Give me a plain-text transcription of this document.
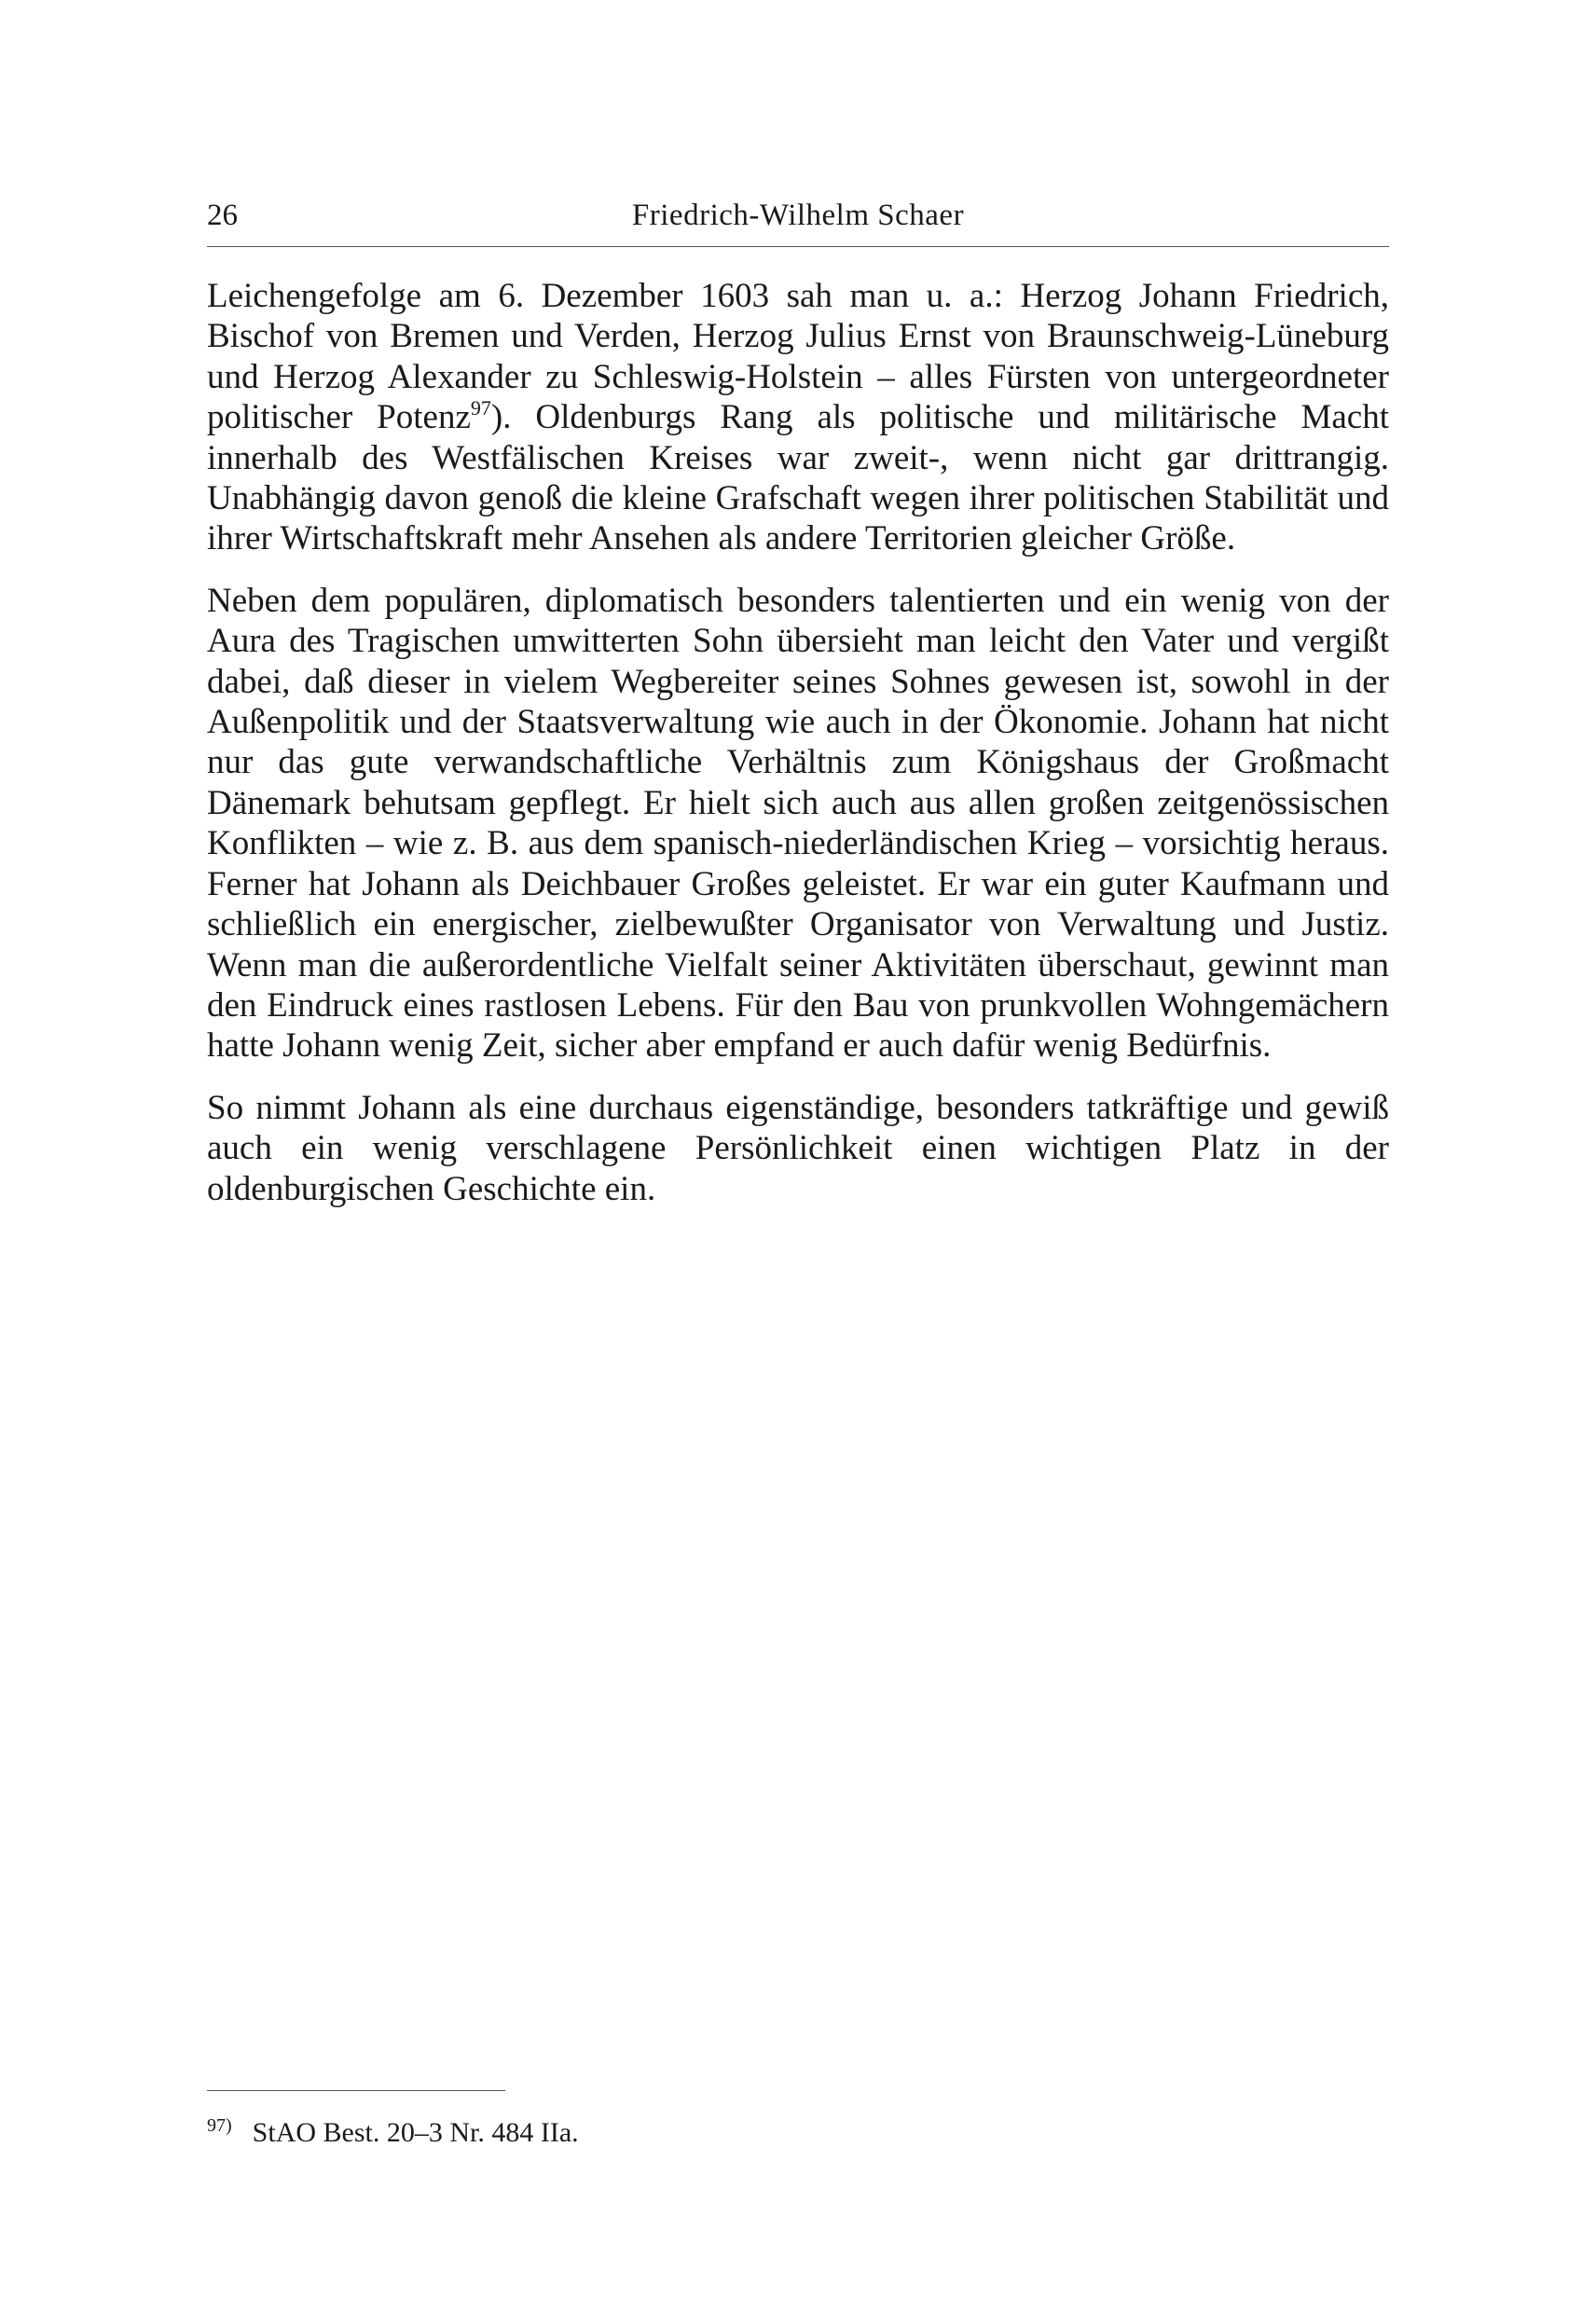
26	Friedrich-Wilhelm Schaer

Leichengefolge am 6. Dezember 1603 sah man u. a.: Herzog Johann Friedrich, Bischof von Bremen und Verden, Herzog Julius Ernst von Braunschweig-Lüneburg und Herzog Alexander zu Schleswig-Holstein – alles Fürsten von untergeordneter politischer Potenz$^{97}$). Oldenburgs Rang als politische und militärische Macht innerhalb des Westfälischen Kreises war zweit-, wenn nicht gar drittrangig. Unabhängig davon genoß die kleine Grafschaft wegen ihrer politischen Stabilität und ihrer Wirtschaftskraft mehr Ansehen als andere Territorien gleicher Größe.

Neben dem populären, diplomatisch besonders talentierten und ein wenig von der Aura des Tragischen umwitterten Sohn übersieht man leicht den Vater und vergißt dabei, daß dieser in vielem Wegbereiter seines Sohnes gewesen ist, sowohl in der Außenpolitik und der Staatsverwaltung wie auch in der Ökonomie. Johann hat nicht nur das gute verwandschaftliche Verhältnis zum Königshaus der Großmacht Dänemark behutsam gepflegt. Er hielt sich auch aus allen großen zeitgenössischen Konflikten – wie z. B. aus dem spanisch-niederländischen Krieg – vorsichtig heraus. Ferner hat Johann als Deichbauer Großes geleistet. Er war ein guter Kaufmann und schließlich ein energischer, zielbewußter Organisator von Verwaltung und Justiz. Wenn man die außerordentliche Vielfalt seiner Aktivitäten überschaut, gewinnt man den Eindruck eines rastlosen Lebens. Für den Bau von prunkvollen Wohngemächern hatte Johann wenig Zeit, sicher aber empfand er auch dafür wenig Bedürfnis.

So nimmt Johann als eine durchaus eigenständige, besonders tatkräftige und gewiß auch ein wenig verschlagene Persönlichkeit einen wichtigen Platz in der oldenburgischen Geschichte ein.

$^{97)}$ StAO Best. 20–3 Nr. 484 IIa.
